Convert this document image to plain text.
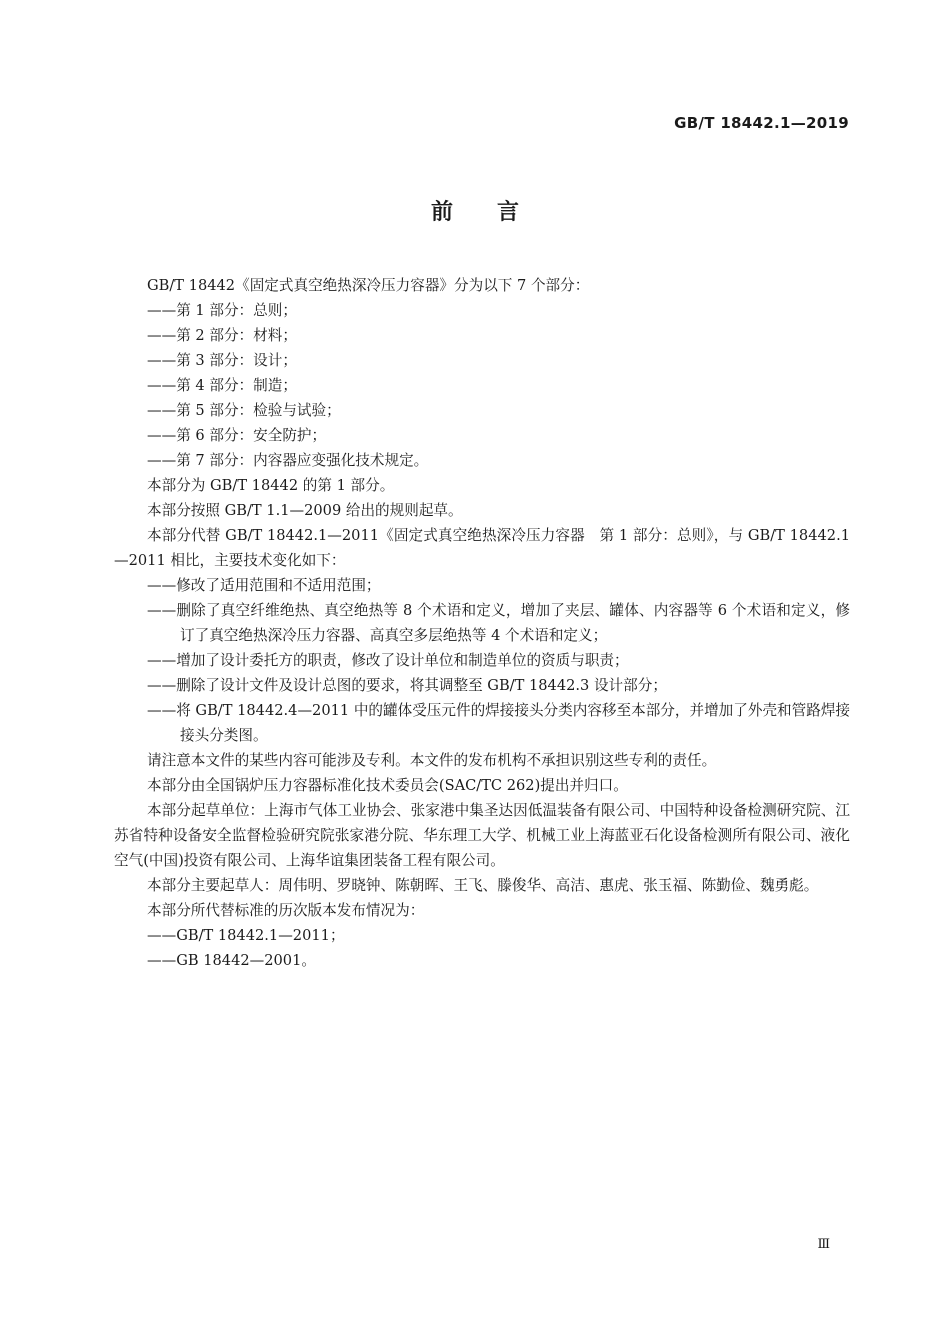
GB/T 18442.1—2019
前言

GB/T 18442《固定式真空绝热深冷压力容器》分为以下 7 个部分：

——第 1 部分：总则；

——第 2 部分：材料；

——第 3 部分：设计；

——第 4 部分：制造；

——第 5 部分：检验与试验；

——第 6 部分：安全防护；

——第 7 部分：内容器应变强化技术规定。

本部分为 GB/T 18442 的第 1 部分。

本部分按照 GB/T 1.1—2009 给出的规则起草。

本部分代替 GB/T 18442.1—2011《固定式真空绝热深冷压力容器　第 1 部分：总则》，与 GB/T 18442.1—2011 相比，主要技术变化如下：

——修改了适用范围和不适用范围；

——删除了真空纤维绝热、真空绝热等 8 个术语和定义，增加了夹层、罐体、内容器等 6 个术语和定义，修订了真空绝热深冷压力容器、高真空多层绝热等 4 个术语和定义；

——增加了设计委托方的职责，修改了设计单位和制造单位的资质与职责；

——删除了设计文件及设计总图的要求，将其调整至 GB/T 18442.3 设计部分；

——将 GB/T 18442.4—2011 中的罐体受压元件的焊接接头分类内容移至本部分，并增加了外壳和管路焊接接头分类图。

请注意本文件的某些内容可能涉及专利。本文件的发布机构不承担识别这些专利的责任。

本部分由全国锅炉压力容器标准化技术委员会(SAC/TC 262)提出并归口。

本部分起草单位：上海市气体工业协会、张家港中集圣达因低温装备有限公司、中国特种设备检测研究院、江苏省特种设备安全监督检验研究院张家港分院、华东理工大学、机械工业上海蓝亚石化设备检测所有限公司、液化空气(中国)投资有限公司、上海华谊集团装备工程有限公司。

本部分主要起草人：周伟明、罗晓钟、陈朝晖、王飞、滕俊华、高洁、惠虎、张玉福、陈勤俭、魏勇彪。

本部分所代替标准的历次版本发布情况为：

——GB/T 18442.1—2011；

——GB 18442—2001。

Ⅲ
